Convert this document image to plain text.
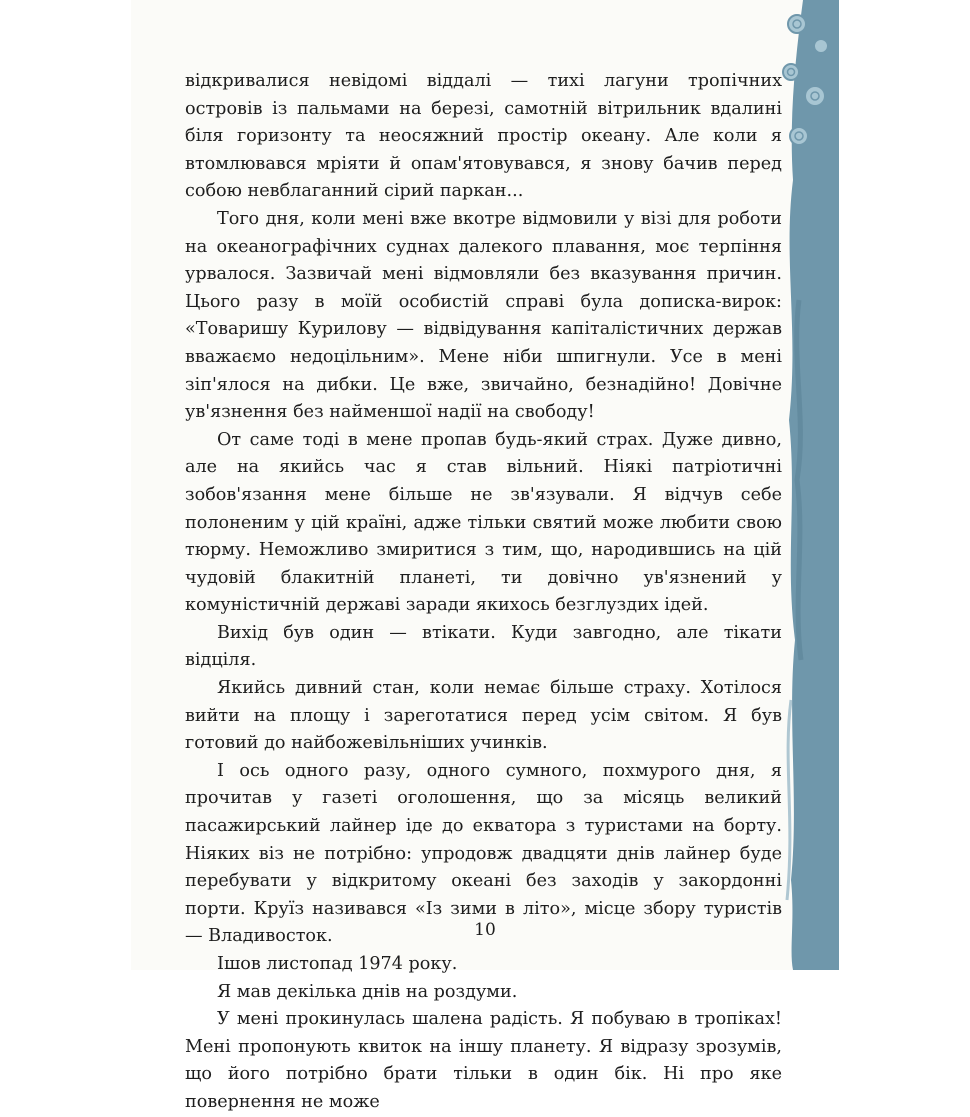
відкривалися невідомі віддалі — тихі лагуни тропічних островів із пальмами на березі, самотній вітрильник вдалині біля горизонту та неосяжний простір океану. Але коли я втомлювався мріяти й опам'ятовувався, я знову бачив перед собою невблаганний сірий паркан...

Того дня, коли мені вже вкотре відмовили у візі для роботи на океанографічних суднах далекого плавання, моє терпіння урвалося. Зазвичай мені відмовляли без вказування причин. Цього разу в моїй особистій справі була дописка-вирок: «Товаришу Курилову — відвідування капіталістичних держав вважаємо недоцільним». Мене ніби шпигнули. Усе в мені зіп'ялося на дибки. Це вже, звичайно, безнадійно! Довічне ув'язнення без найменшої надії на свободу!

От саме тоді в мене пропав будь-який страх. Дуже дивно, але на якийсь час я став вільний. Ніякі патріотичні зобов'язання мене більше не зв'язували. Я відчув себе полоненим у цій країні, адже тільки святий може любити свою тюрму. Неможливо змиритися з тим, що, народившись на цій чудовій блакитній планеті, ти довічно ув'язнений у комуністичній державі заради якихось безглуздих ідей.

Вихід був один — втікати. Куди завгодно, але тікати відціля.

Якийсь дивний стан, коли немає більше страху. Хотілося вийти на площу і зареготатися перед усім світом. Я був готовий до найбожевільніших учинків.

І ось одного разу, одного сумного, похмурого дня, я прочитав у газеті оголошення, що за місяць великий пасажирський лайнер іде до екватора з туристами на борту. Ніяких віз не потрібно: упродовж двадцяти днів лайнер буде перебувати у відкритому океані без заходів у закордонні порти. Круїз називався «Із зими в літо», місце збору туристів — Владивосток.

Ішов листопад 1974 року.

Я мав декілька днів на роздуми.

У мені прокинулась шалена радість. Я побуваю в тропіках! Мені пропонують квиток на іншу планету. Я відразу зрозумів, що його потрібно брати тільки в один бік. Ні про яке повернення не може

10
